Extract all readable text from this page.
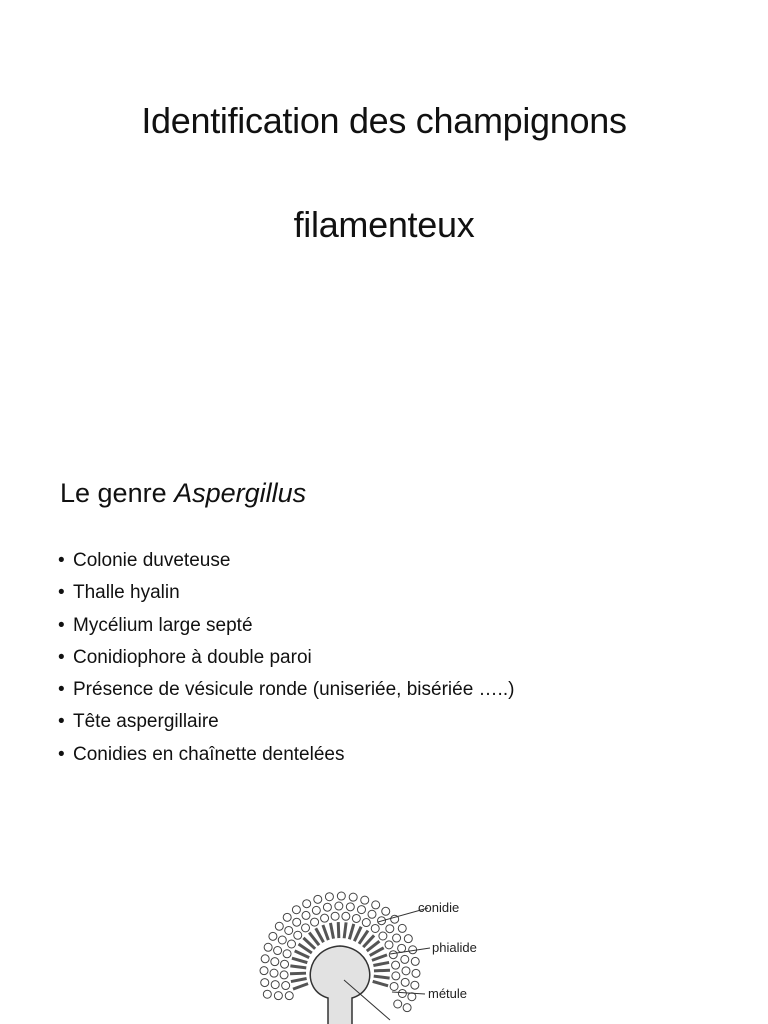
Identification des champignons
filamenteux
Le genre Aspergillus
• Colonie duveteuse
• Thalle hyalin
• Mycélium large septé
• Conidiophore à double paroi
• Présence de vésicule ronde (uniseriée, bisériée …..)
• Tête aspergillaire
• Conidies en chaînette dentelées
conidie
phialide
métule
